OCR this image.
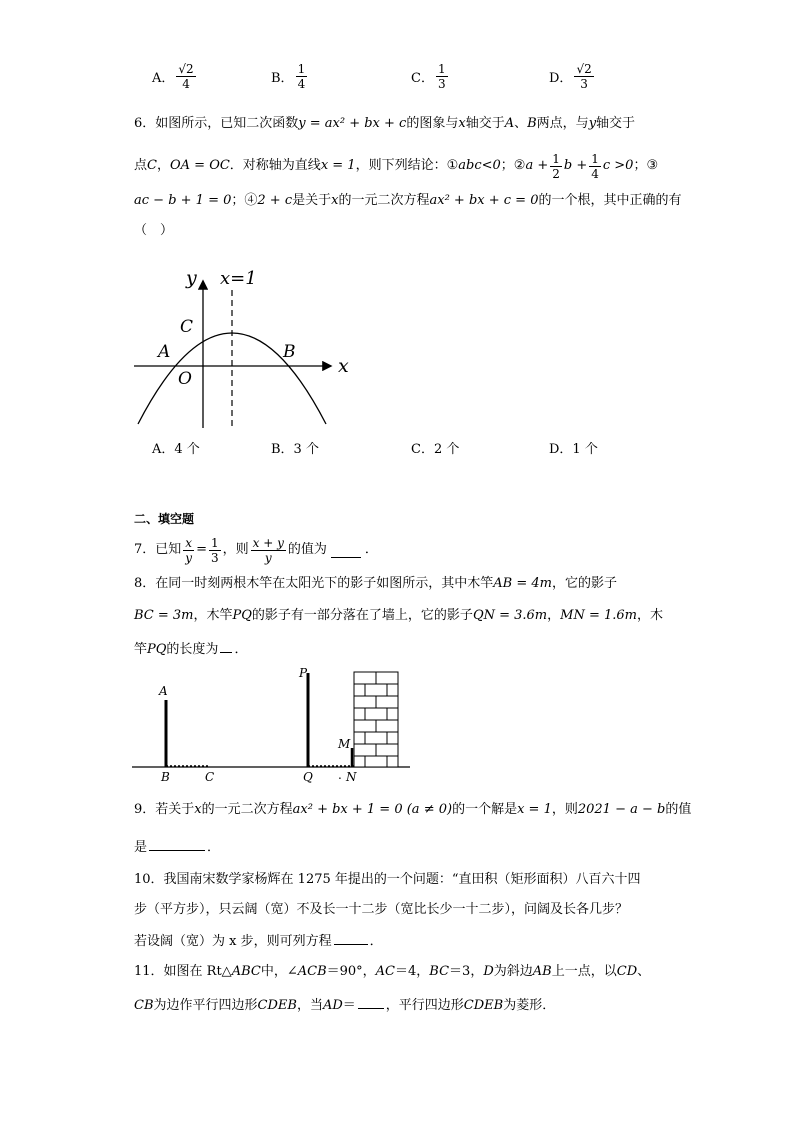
A． $\frac{√2}{4}$	B． $\frac{1}{4}$	C． $\frac{1}{3}$	D． $\frac{√2}{3}$
6．如图所示，已知二次函数y = ax² + bx + c的图象与x轴交于A、B两点，与y轴交于
点 C ， OA = OC ．对称轴为直线 x = 1 ，则下列结论： ① abc<0 ； ② $a + \frac{1}{2}$ $b + \frac{1}{4}$ c >0 ； ③
ac − b + 1 = 0；④2 + c是关于x的一元二次方程ax² + bx + c = 0的一个根，其中正确的有
（　）
y x=1
x
C
A	B
O
A．4 个	B．3 个	C．2 个	D．1 个
二、填空题
7．已知 $\frac{x}{y} = \frac{1}{3}$ ，则 $\frac{x + y}{y}$ 的值为	．
8．在同一时刻两根木竿在太阳光下的影子如图所示，其中木竿AB = 4m，它的影子
BC = 3m，木竿PQ的影子有一部分落在了墙上，它的影子QN = 3.6m，MN = 1.6m，木
竿PQ的长度为 ．
A
B	C
P
Q . N
M
9．若关于x的一元二次方程ax² + bx + 1 = 0 (a ≠ 0)的一个解是x = 1，则2021 − a − b的值
是	．
10．我国南宋数学家杨辉在 1275 年提出的一个问题：“直田积（矩形面积）八百六十四
步（平方步），只云阔（宽）不及长一十二步（宽比长少一十二步），问阔及长各几步？
若设阔（宽）为 x 步，则可列方程	．
11．如图在 Rt△ABC中，∠ACB＝90°，AC＝4，BC＝3，D为斜边AB上一点，以CD、
CB为边作平行四边形CDEB，当AD＝ ，平行四边形CDEB为菱形．
